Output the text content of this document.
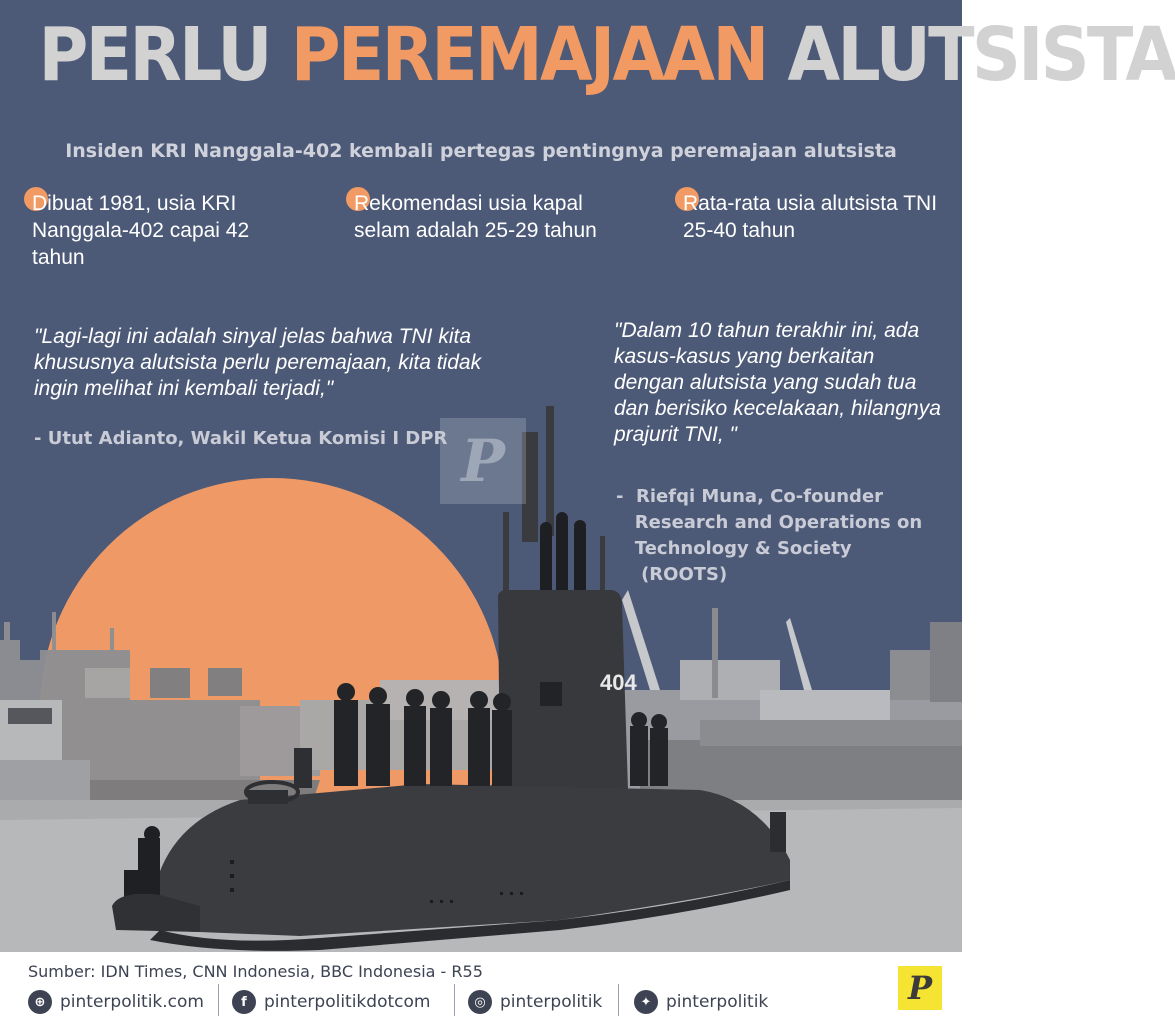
404
PERLU PEREMAJAAN ALUTSISTA
Insiden KRI Nanggala-402 kembali pertegas pentingnya peremajaan alutsista
Dibuat 1981, usia KRI Nanggala-402 capai 42 tahun
Rekomendasi usia kapal selam adalah 25-29 tahun
Rata-rata usia alutsista TNI 25-40 tahun
"Lagi-lagi ini adalah sinyal jelas bahwa TNI kita khususnya alutsista perlu peremajaan, kita tidak ingin melihat ini kembali terjadi,"
- Utut Adianto, Wakil Ketua Komisi I DPR
"Dalam 10 tahun terakhir ini, ada kasus-kasus yang berkaitan dengan alutsista yang sudah tua dan berisiko kecelakaan, hilangnya prajurit TNI, "
-  Riefqi Muna, Co-founder
Research and Operations on
Technology & Society
(ROOTS)
P
Sumber: IDN Times, CNN Indonesia, BBC Indonesia - R55
⊕ pinterpolitik.com	f	pinterpolitikdotcom	◎ pinterpolitik	✦ pinterpolitik	P
